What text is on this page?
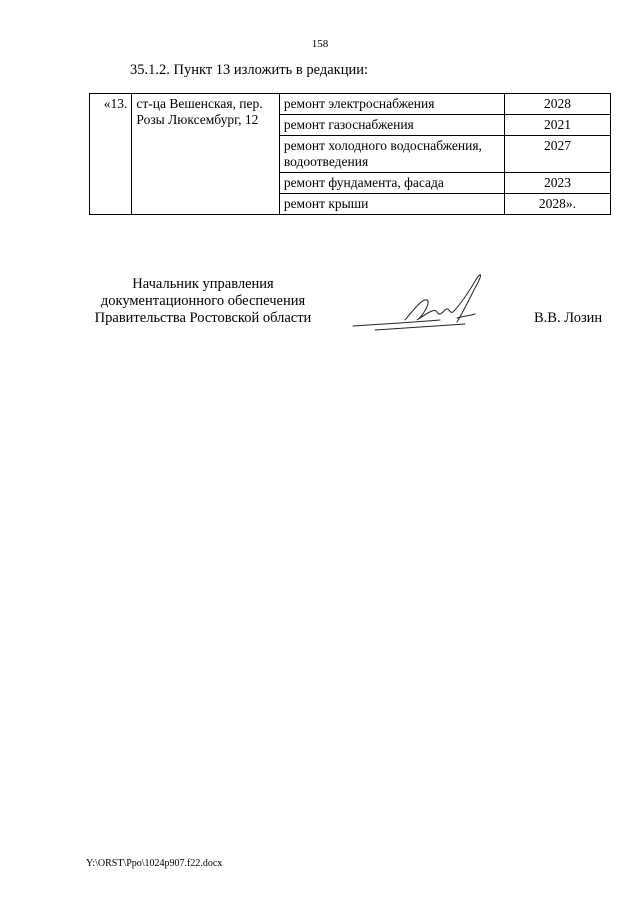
158
35.1.2. Пункт 13 изложить в редакции:
«13.	ст-ца Вешенская, пер. Розы Люксембург, 12	ремонт электроснабжения	2028
		ремонт газоснабжения	2021
		ремонт холодного водоснабжения, водоотведения	2027
		ремонт фундамента, фасада	2023
		ремонт крыши	2028».
Начальник управления
документационного обеспечения
Правительства Ростовской области	В.В. Лозин
Y:\ORST\Ppo\1024p907.f22.docx
